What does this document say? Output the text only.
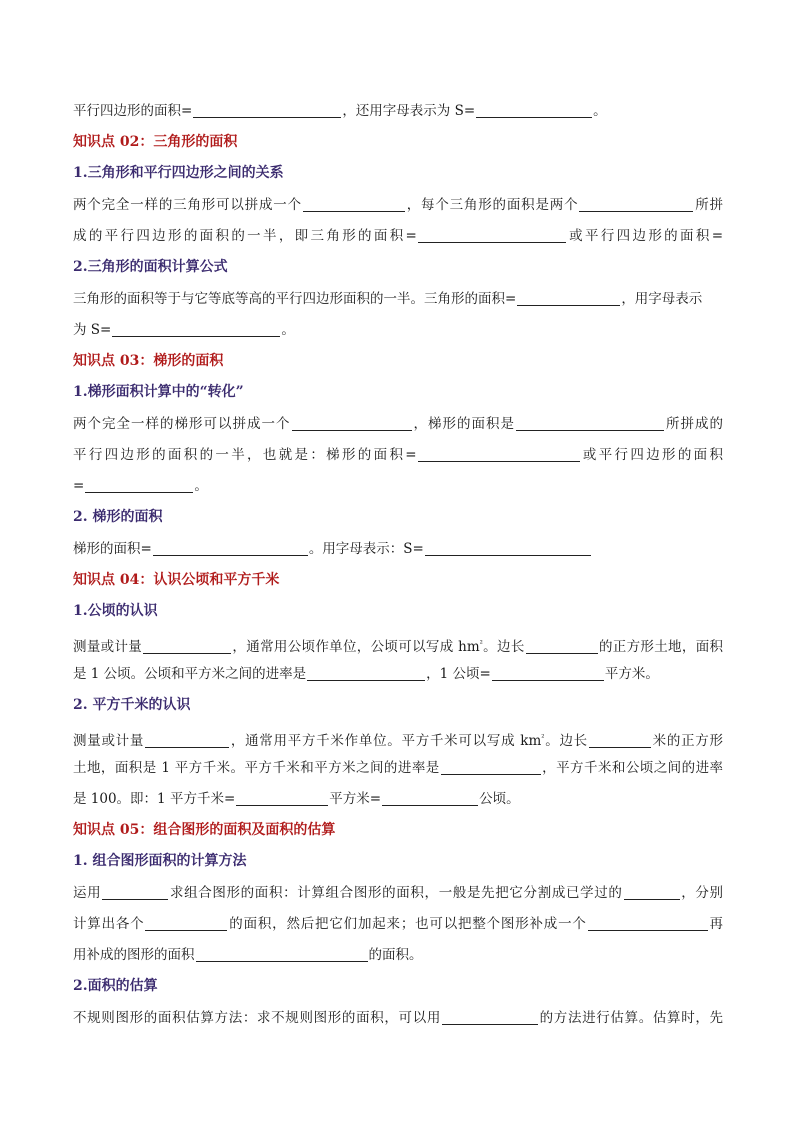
平行四边形的面积=	，还用字母表示为 S=	。
知识点 02：三角形的面积
1.三角形和平行四边形之间的关系
两个完全一样的三角形可以拼成一个	，每个三角形的面积是两个	所拼
成的平行四边形的面积的一半，即三角形的面积=	或平行四边形的面积=
2.三角形的面积计算公式
三角形的面积等于与它等底等高的平行四边形面积的一半。三角形的面积=	，用字母表示
为 S=	。
知识点 03：梯形的面积
1.梯形面积计算中的“转化”
两个完全一样的梯形可以拼成一个	，梯形的面积是	所拼成的
平行四边形的面积的一半，也就是：梯形的面积=	或平行四边形的面积
=	。
2. 梯形的面积
梯形的面积=	。用字母表示：S=
知识点 04：认识公顷和平方千米
1.公顷的认识
测量或计量	，通常用公顷作单位，公顷可以写成 $hm^{^2}$。边长	的正方形土地，面积
是 1 公顷。公顷和平方米之间的进率是	，1 公顷=	平方米。
2. 平方千米的认识
测量或计量	，通常用平方千米作单位。平方千米可以写成 $km^{^2}$。边长	米的正方形
土地，面积是 1 平方千米。平方千米和平方米之间的进率是	，平方千米和公顷之间的进率
是 100。即：1 平方千米=	平方米=	公顷。
知识点 05：组合图形的面积及面积的估算
1. 组合图形面积的计算方法
运用	求组合图形的面积：计算组合图形的面积，一般是先把它分割成已学过的	，分别
计算出各个	的面积，然后把它们加起来；也可以把整个图形补成一个	再
用补成的图形的面积	的面积。
2.面积的估算
不规则图形的面积估算方法：求不规则图形的面积，可以用	的方法进行估算。估算时，先
